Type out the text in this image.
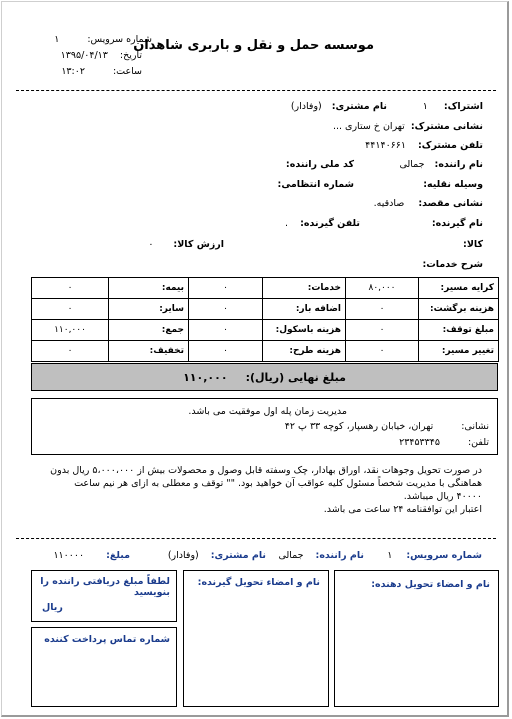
موسسه حمل و نقل و باربری شاهدان
شماره سرویس:
۱
تاریخ:
۱۳۹۵/۰۴/۱۳
ساعت:
۱۳:۰۲
اشتراک:
۱
نام مشتری:
(وفادار)
نشانی مشترک:
تهران خ ستاری ...
تلفن مشترک:
۴۴۱۴۰۶۶۱
نام راننده:
جمالی
کد ملی راننده:
وسیله نقلیه:
شماره انتظامی:
نشانی مقصد:
صادقیه.
نام گیرنده:
تلفن گیرنده:
.
کالا:
ارزش کالا:
۰
شرح خدمات:
کرایه مسیر:	۸۰,۰۰۰	خدمات:	۰	بیمه:	۰
هزینه برگشت:	۰	اضافه بار:	۰	سایر:	۰
مبلغ توقف:	۰	هزینه باسکول:	۰	جمع:	۱۱۰,۰۰۰
تغییر مسیر:	۰	هزینه طرح:	۰	تخفیف:	۰
مبلغ نهایی (ریال):
۱۱۰,۰۰۰
مدیریت زمان پله اول موفقیت می باشد.
نشانی:
تهران، خیابان رهسپار، کوچه ۳۳ پ ۴۲
تلفن:
۲۳۴۵۳۳۴۵
در صورت تحویل وجوهات نقد، اوراق بهادار، چک وسفته قابل وصول و محصولات بیش از ۵،۰۰۰،۰۰۰ ریال بدون
هماهنگی با مدیریت شخصاً مسئول کلیه عواقب آن خواهید بود. "" توقف و معطلی به ازای هر نیم ساعت
۴۰۰۰۰ ریال میباشد.
اعتبار این توافقنامه ۲۴ ساعت می باشد.
شماره سرویس:
۱
نام راننده:
جمالی
نام مشتری:
(وفادار)
مبلغ:
۱۱۰۰۰۰
نام و امضاء تحویل دهنده:
نام و امضاء تحویل گیرنده:
لطفاً مبلغ دریافتی راننده را بنویسید
ریال
شماره تماس پرداخت کننده
